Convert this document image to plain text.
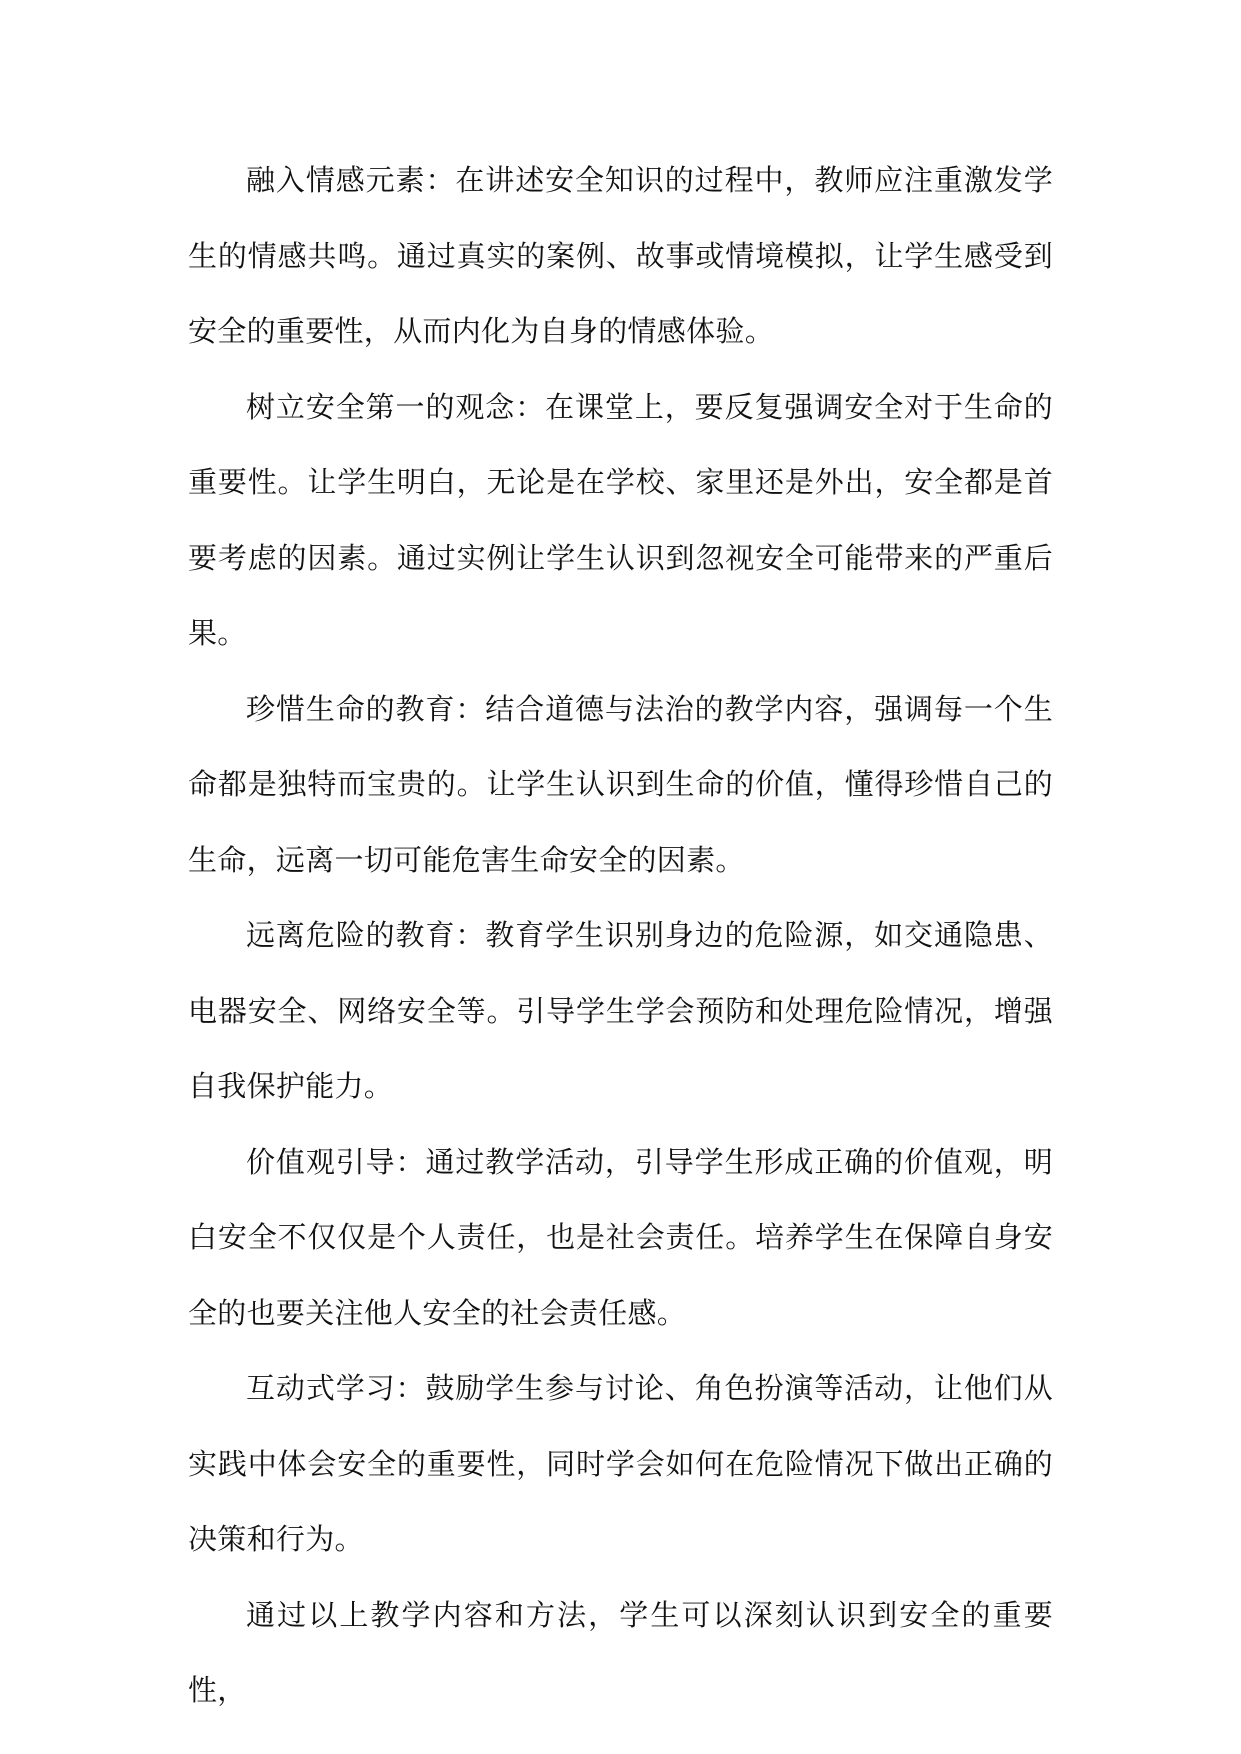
融入情感元素：在讲述安全知识的过程中，教师应注重激发学生的情感共鸣。通过真实的案例、故事或情境模拟，让学生感受到安全的重要性，从而内化为自身的情感体验。

树立安全第一的观念：在课堂上，要反复强调安全对于生命的重要性。让学生明白，无论是在学校、家里还是外出，安全都是首要考虑的因素。通过实例让学生认识到忽视安全可能带来的严重后果。

珍惜生命的教育：结合道德与法治的教学内容，强调每一个生命都是独特而宝贵的。让学生认识到生命的价值，懂得珍惜自己的生命，远离一切可能危害生命安全的因素。

远离危险的教育：教育学生识别身边的危险源，如交通隐患、电器安全、网络安全等。引导学生学会预防和处理危险情况，增强自我保护能力。

价值观引导：通过教学活动，引导学生形成正确的价值观，明白安全不仅仅是个人责任，也是社会责任。培养学生在保障自身安全的也要关注他人安全的社会责任感。

互动式学习：鼓励学生参与讨论、角色扮演等活动，让他们从实践中体会安全的重要性，同时学会如何在危险情况下做出正确的决策和行为。

通过以上教学内容和方法，学生可以深刻认识到安全的重要性，
